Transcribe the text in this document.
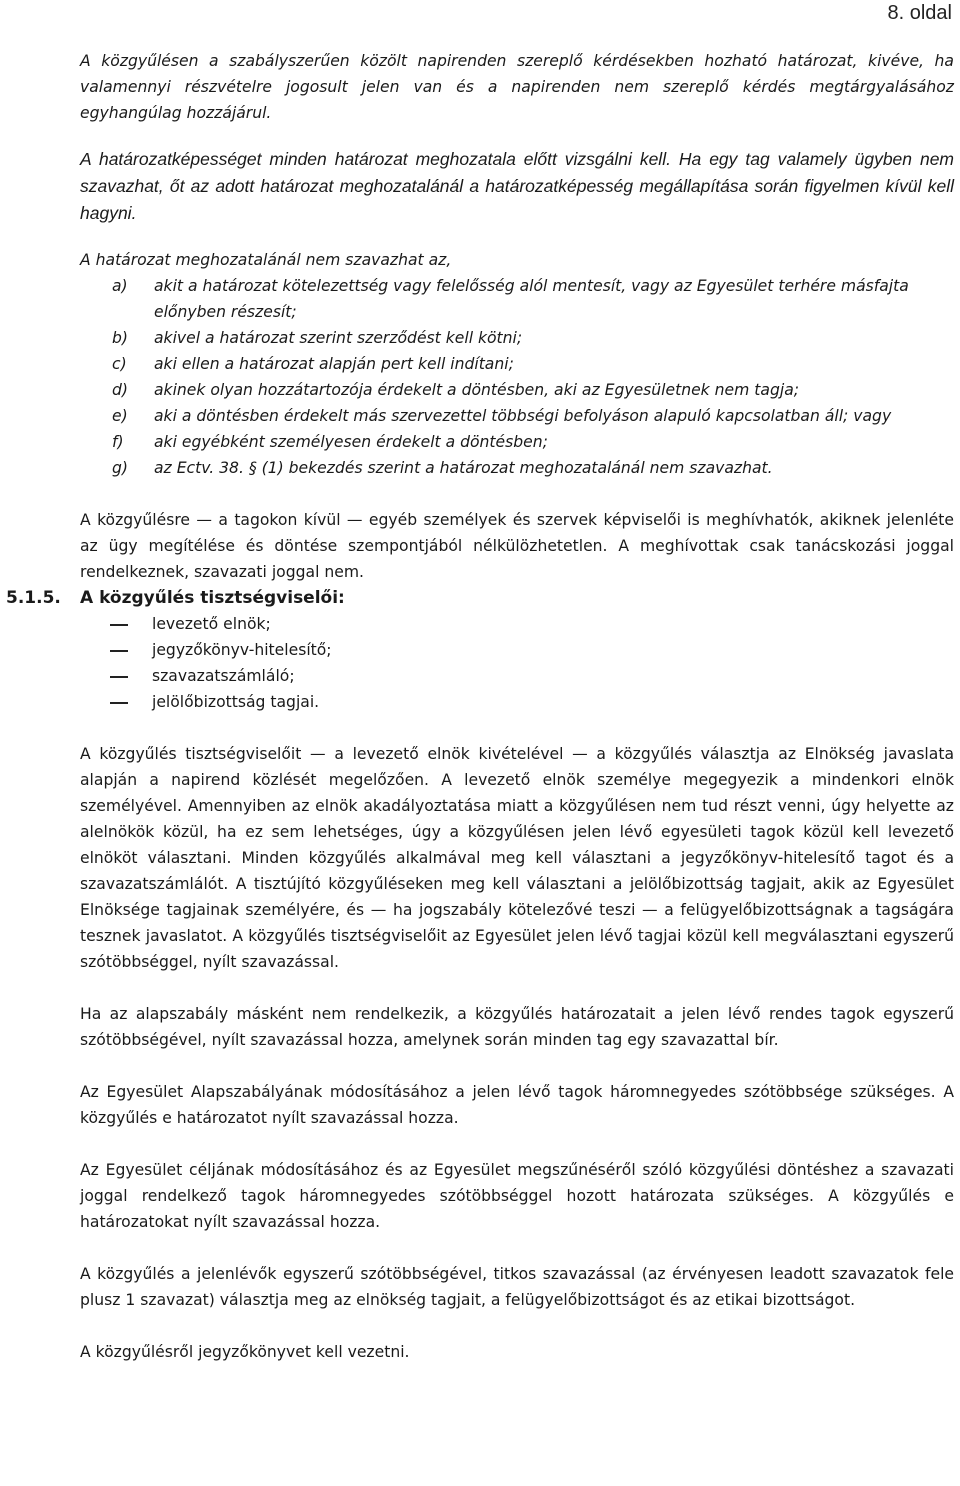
8. oldal

A közgyűlésen a szabályszerűen közölt napirenden szereplő kérdésekben hozható határozat, kivéve, ha valamennyi részvételre jogosult jelen van és a napirenden nem szereplő kérdés megtárgyalásához egyhangúlag hozzájárul.

A határozatképességet minden határozat meghozatala előtt vizsgálni kell. Ha egy tag valamely ügyben nem szavazhat, őt az adott határozat meghozatalánál a határozatképesség megállapítása során figyelmen kívül kell hagyni.

A határozat meghozatalánál nem szavazhat az,

a)	akit a határozat kötelezettség vagy felelősség alól mentesít, vagy az Egyesület terhére másfajta előnyben részesít;
b)	akivel a határozat szerint szerződést kell kötni;
c)	aki ellen a határozat alapján pert kell indítani;
d)	akinek olyan hozzátartozója érdekelt a döntésben, aki az Egyesületnek nem tagja;
e)	aki a döntésben érdekelt más szervezettel többségi befolyáson alapuló kapcsolatban áll; vagy
f)	aki egyébként személyesen érdekelt a döntésben;
g)	az Ectv. 38. § (1) bekezdés szerint a határozat meghozatalánál nem szavazhat.

A közgyűlésre — a tagokon kívül — egyéb személyek és szervek képviselői is meghívhatók, akiknek jelenléte az ügy megítélése és döntése szempontjából nélkülözhetetlen. A meghívottak csak tanácskozási joggal rendelkeznek, szavazati joggal nem.

5.1.5.	A közgyűlés tisztségviselői:
levezető elnök;
jegyzőkönyv-hitelesítő;
szavazatszámláló;
jelölőbizottság tagjai.

A közgyűlés tisztségviselőit — a levezető elnök kivételével — a közgyűlés választja az Elnökség javaslata alapján a napirend közlését megelőzően. A levezető elnök személye megegyezik a mindenkori elnök személyével. Amennyiben az elnök akadályoztatása miatt a közgyűlésen nem tud részt venni, úgy helyette az alelnökök közül, ha ez sem lehetséges, úgy a közgyűlésen jelen lévő egyesületi tagok közül kell levezető elnököt választani. Minden közgyűlés alkalmával meg kell választani a jegyzőkönyv-hitelesítő tagot és a szavazatszámlálót. A tisztújító közgyűléseken meg kell választani a jelölőbizottság tagjait, akik az Egyesület Elnöksége tagjainak személyére, és — ha jogszabály kötelezővé teszi — a felügyelőbizottságnak a tagságára tesznek javaslatot. A közgyűlés tisztségviselőit az Egyesület jelen lévő tagjai közül kell megválasztani egyszerű szótöbbséggel, nyílt szavazással.

Ha az alapszabály másként nem rendelkezik, a közgyűlés határozatait a jelen lévő rendes tagok egyszerű szótöbbségével, nyílt szavazással hozza, amelynek során minden tag egy szavazattal bír.

Az Egyesület Alapszabályának módosításához a jelen lévő tagok háromnegyedes szótöbbsége szükséges. A közgyűlés e határozatot nyílt szavazással hozza.

Az Egyesület céljának módosításához és az Egyesület megszűnéséről szóló közgyűlési döntéshez a szavazati joggal rendelkező tagok háromnegyedes szótöbbséggel hozott határozata szükséges. A közgyűlés e határozatokat nyílt szavazással hozza.

A közgyűlés a jelenlévők egyszerű szótöbbségével, titkos szavazással (az érvényesen leadott szavazatok fele plusz 1 szavazat) választja meg az elnökség tagjait, a felügyelőbizottságot és az etikai bizottságot.

A közgyűlésről jegyzőkönyvet kell vezetni.
